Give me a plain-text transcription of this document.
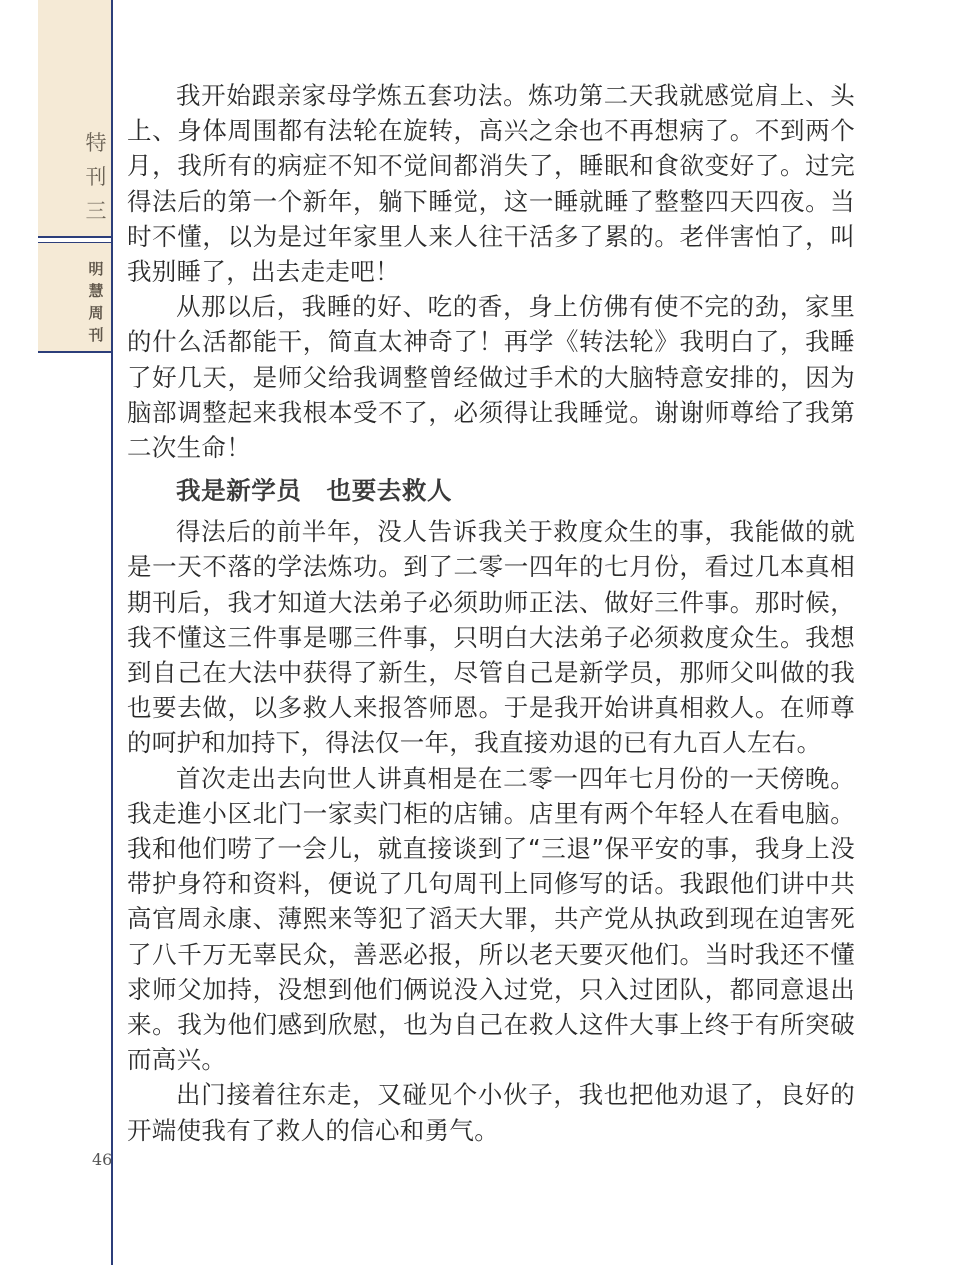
特
刊
三
明
慧
周
刊
46

我开始跟亲家母学炼五套功法。炼功第二天我就感觉肩上、头上、身体周围都有法轮在旋转，高兴之余也不再想病了。不到两个月，我所有的病症不知不觉间都消失了，睡眠和食欲变好了。过完得法后的第一个新年，躺下睡觉，这一睡就睡了整整四天四夜。当时不懂，以为是过年家里人来人往干活多了累的。老伴害怕了，叫我别睡了，出去走走吧！

从那以后，我睡的好、吃的香，身上仿佛有使不完的劲，家里的什么活都能干，简直太神奇了！再学《转法轮》我明白了，我睡了好几天，是师父给我调整曾经做过手术的大脑特意安排的，因为脑部调整起来我根本受不了，必须得让我睡觉。谢谢师尊给了我第二次生命！

我是新学员　也要去救人

得法后的前半年，没人告诉我关于救度众生的事，我能做的就是一天不落的学法炼功。到了二零一四年的七月份，看过几本真相期刊后，我才知道大法弟子必须助师正法、做好三件事。那时候，我不懂这三件事是哪三件事，只明白大法弟子必须救度众生。我想到自己在大法中获得了新生，尽管自己是新学员，那师父叫做的我也要去做，以多救人来报答师恩。于是我开始讲真相救人。在师尊的呵护和加持下，得法仅一年，我直接劝退的已有九百人左右。

首次走出去向世人讲真相是在二零一四年七月份的一天傍晚。我走進小区北门一家卖门柜的店铺。店里有两个年轻人在看电脑。我和他们唠了一会儿，就直接谈到了“三退”保平安的事，我身上没带护身符和资料，便说了几句周刊上同修写的话。我跟他们讲中共高官周永康、薄熙来等犯了滔天大罪，共产党从执政到现在迫害死了八千万无辜民众，善恶必报，所以老天要灭他们。当时我还不懂求师父加持，没想到他们俩说没入过党，只入过团队，都同意退出来。我为他们感到欣慰，也为自己在救人这件大事上终于有所突破而高兴。

出门接着往东走，又碰见个小伙子，我也把他劝退了，良好的开端使我有了救人的信心和勇气。
